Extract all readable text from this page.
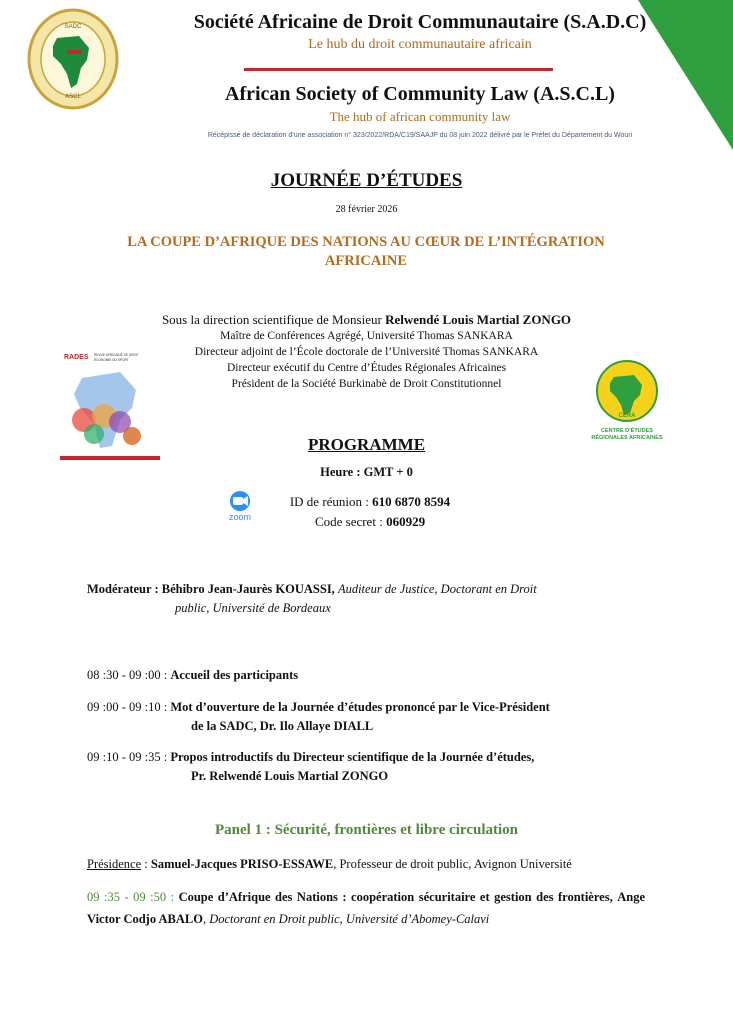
SADC
ASCL
Société Africaine de Droit Communautaire (S.A.D.C)
Le hub du droit communautaire africain
African Society of Community Law (A.S.C.L)
The hub of african community law
Récépissé de déclaration d’une association n° 323/2022/RDA/C19/SAAJP du 08 juin 2022 délivré par le Préfet du Département du Wouri
JOURNÉE D’ÉTUDES
28 février 2026
LA COUPE D’AFRIQUE DES NATIONS AU CŒUR DE L’INTÉGRATION
AFRICAINE
Sous la direction scientifique de Monsieur Relwendé Louis Martial ZONGO
Maître de Conférences Agrégé, Université Thomas SANKARA
Directeur adjoint de l’École doctorale de l’Université Thomas SANKARA
Directeur exécutif du Centre d’Études Régionales Africaines
Président de la Société Burkinabè de Droit Constitutionnel
RADES REVUE AFRICAINE DE DROIT
ÉCONOMIE DU SPORT
CERA
CENTRE D’ÉTUDES
RÉGIONALES AFRICAINES
PROGRAMME
Heure : GMT + 0
zoom
ID de réunion : 610 6870 8594
Code secret : 060929
Modérateur : Béhibro Jean-Jaurès KOUASSI, Auditeur de Justice, Doctorant en Droit
public, Université de Bordeaux
08 :30 - 09 :00 : Accueil des participants
09 :00 - 09 :10 : Mot d’ouverture de la Journée d’études prononcé par le Vice-Président
de la SADC, Dr. Ilo Allaye DIALL
09 :10 - 09 :35 : Propos introductifs du Directeur scientifique de la Journée d’études,
Pr. Relwendé Louis Martial ZONGO
Panel 1 : Sécurité, frontières et libre circulation
Présidence : Samuel-Jacques PRISO-ESSAWE, Professeur de droit public, Avignon Université
09 :35 - 09 :50 : Coupe d’Afrique des Nations : coopération sécuritaire et gestion des frontières, Ange Victor Codjo ABALO, Doctorant en Droit public, Université d’Abomey-Calavi
